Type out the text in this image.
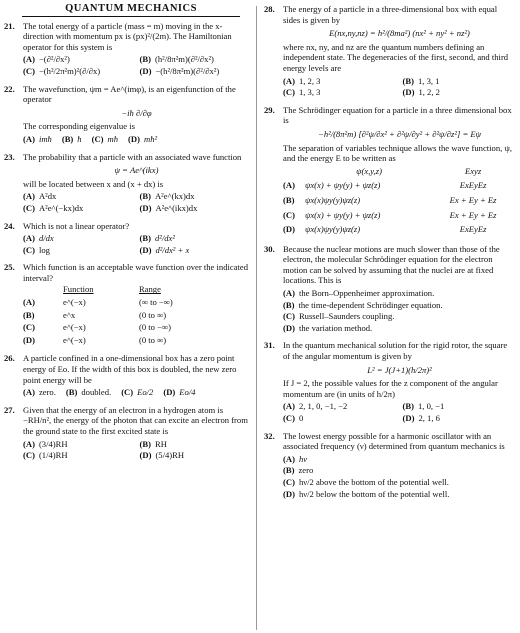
QUANTUM MECHANICS
21. The total energy of a particle (mass = m) moving in the x-direction with momentum px is (px)²/(2m). The Hamiltonian operator for this system is
(A) −(∂²/∂x²)	(B) (h²/8π²m)(∂²/∂x²)
(C) −(h²/2π²m)²(∂/∂x)	(D) −(h²/8π²m)(∂²/∂x²)
22. The wavefunction, ψm = Ae^(imφ), is an eigenfunction of the operator
−iħ ∂/∂φ
The corresponding eigenvalue is
(A) imħ (B) ħ (C) mħ (D) mħ²
23. The probability that a particle with an associated wave function
ψ = Ae^(ikx)
will be located between x and (x + dx) is
(A) A²dx	(B) A²e^(kx)dx
(C) A²e^(−kx)dx	(D) A²e^(ikx)dx
24. Which is not a linear operator?
(A) d/dx	(B) d²/dx²
(C) log	(D) d²/dx² + x
25. Which function is an acceptable wave function over the indicated interval?
	Function	Range
(A)	e^(−x)	(∞ to −∞)
(B)	e^x	(0 to ∞)
(C)	e^(−x)	(0 to −∞)
(D)	e^(−x)	(0 to ∞)
26. A particle confined in a one-dimensional box has a zero point energy of Eo. If the width of this box is doubled, the new zero point energy will be
(A) zero. (B) doubled. (C) Eo/2 (D) Eo/4
27. Given that the energy of an electron in a hydrogen atom is −RH/n², the energy of the photon that can excite an electron from the ground state to the first excited state is
(A) (3/4)RH	(B) RH
(C) (1/4)RH	(D) (5/4)RH
28. The energy of a particle in a three-dimensional box with equal sides is given by
E(nx,ny,nz) = h²/(8ma²) (nx² + ny² + nz²)
where nx, ny, and nz are the quantum numbers defining an independent state. The degeneracies of the first, second, and third energy levels are
(A) 1, 2, 3	(B) 1, 3, 1
(C) 1, 3, 3	(D) 1, 2, 2
29. The Schrödinger equation for a particle in a three dimensional box is
−h²/(8π²m) [∂²ψ/∂x² + ∂²ψ/∂y² + ∂²ψ/∂z²] = Eψ
The separation of variables technique allows the wave function, ψ, and the energy E to be written as
	ψ(x,y,z)	Exyz
(A)	ψx(x) + ψy(y) + ψz(z)	ExEyEz
(B)	ψx(x)ψy(y)ψz(z)	Ex + Ey + Ez
(C)	ψx(x) + ψy(y) + ψz(z)	Ex + Ey + Ez
(D)	ψx(x)ψy(y)ψz(z)	ExEyEz
30. Because the nuclear motions are much slower than those of the electron, the molecular Schrödinger equation for the electron motion can be solved by assuming that the nuclei are at fixed locations. This is
(A) the Born–Oppenheimer approximation.
(B) the time-dependent Schrödinger equation.
(C) Russell–Saunders coupling.
(D) the variation method.
31. In the quantum mechanical solution for the rigid rotor, the square of the angular momentum is given by
L² = J(J+1)(h/2π)²
If J = 2, the possible values for the z component of the angular momentum are (in units of h/2π)
(A) 2, 1, 0, −1, −2	(B) 1, 0, −1
(C) 0	(D) 2, 1, 6
32. The lowest energy possible for a harmonic oscillator with an associated frequency (ν) determined from quantum mechanics is
(A) hν
(B) zero
(C) hν/2 above the bottom of the potential well.
(D) hν/2 below the bottom of the potential well.
